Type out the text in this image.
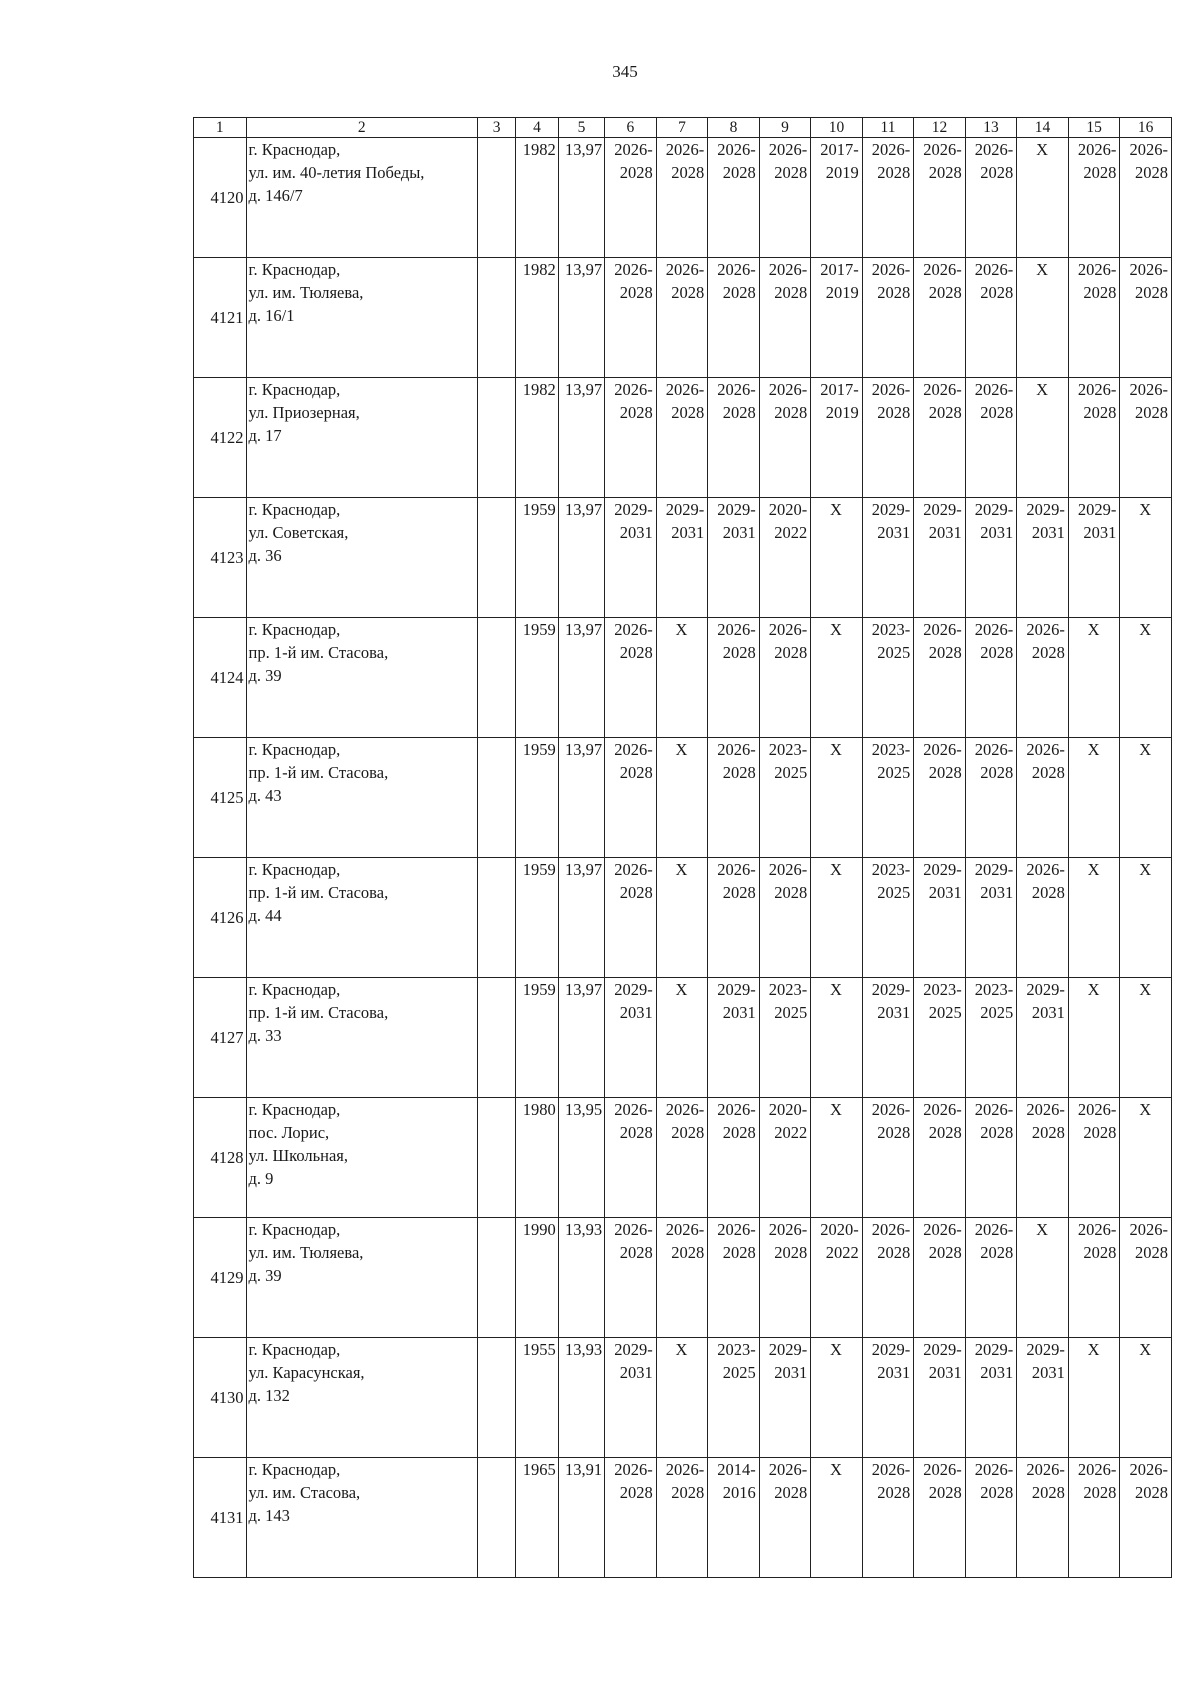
345
1	2	3	4	5	6	7	8	9	10	11	12	13	14	15	16
4120	г. Краснодар,
ул. им. 40-летия Победы,
д. 146/7		1982	13,97	2026-
2028	2026-
2028	2026-
2028	2026-
2028	2017-
2019	2026-
2028	2026-
2028	2026-
2028	X	2026-
2028	2026-
2028
4121	г. Краснодар,
ул. им. Тюляева,
д. 16/1		1982	13,97	2026-
2028	2026-
2028	2026-
2028	2026-
2028	2017-
2019	2026-
2028	2026-
2028	2026-
2028	X	2026-
2028	2026-
2028
4122	г. Краснодар,
ул. Приозерная,
д. 17		1982	13,97	2026-
2028	2026-
2028	2026-
2028	2026-
2028	2017-
2019	2026-
2028	2026-
2028	2026-
2028	X	2026-
2028	2026-
2028
4123	г. Краснодар,
ул. Советская,
д. 36		1959	13,97	2029-
2031	2029-
2031	2029-
2031	2020-
2022	X	2029-
2031	2029-
2031	2029-
2031	2029-
2031	2029-
2031	X
4124	г. Краснодар,
пр. 1-й им. Стасова,
д. 39		1959	13,97	2026-
2028	X	2026-
2028	2026-
2028	X	2023-
2025	2026-
2028	2026-
2028	2026-
2028	X	X
4125	г. Краснодар,
пр. 1-й им. Стасова,
д. 43		1959	13,97	2026-
2028	X	2026-
2028	2023-
2025	X	2023-
2025	2026-
2028	2026-
2028	2026-
2028	X	X
4126	г. Краснодар,
пр. 1-й им. Стасова,
д. 44		1959	13,97	2026-
2028	X	2026-
2028	2026-
2028	X	2023-
2025	2029-
2031	2029-
2031	2026-
2028	X	X
4127	г. Краснодар,
пр. 1-й им. Стасова,
д. 33		1959	13,97	2029-
2031	X	2029-
2031	2023-
2025	X	2029-
2031	2023-
2025	2023-
2025	2029-
2031	X	X
4128	г. Краснодар,
пос. Лорис,
ул. Школьная,
д. 9		1980	13,95	2026-
2028	2026-
2028	2026-
2028	2020-
2022	X	2026-
2028	2026-
2028	2026-
2028	2026-
2028	2026-
2028	X
4129	г. Краснодар,
ул. им. Тюляева,
д. 39		1990	13,93	2026-
2028	2026-
2028	2026-
2028	2026-
2028	2020-
2022	2026-
2028	2026-
2028	2026-
2028	X	2026-
2028	2026-
2028
4130	г. Краснодар,
ул. Карасунская,
д. 132		1955	13,93	2029-
2031	X	2023-
2025	2029-
2031	X	2029-
2031	2029-
2031	2029-
2031	2029-
2031	X	X
4131	г. Краснодар,
ул. им. Стасова,
д. 143		1965	13,91	2026-
2028	2026-
2028	2014-
2016	2026-
2028	X	2026-
2028	2026-
2028	2026-
2028	2026-
2028	2026-
2028	2026-
2028
